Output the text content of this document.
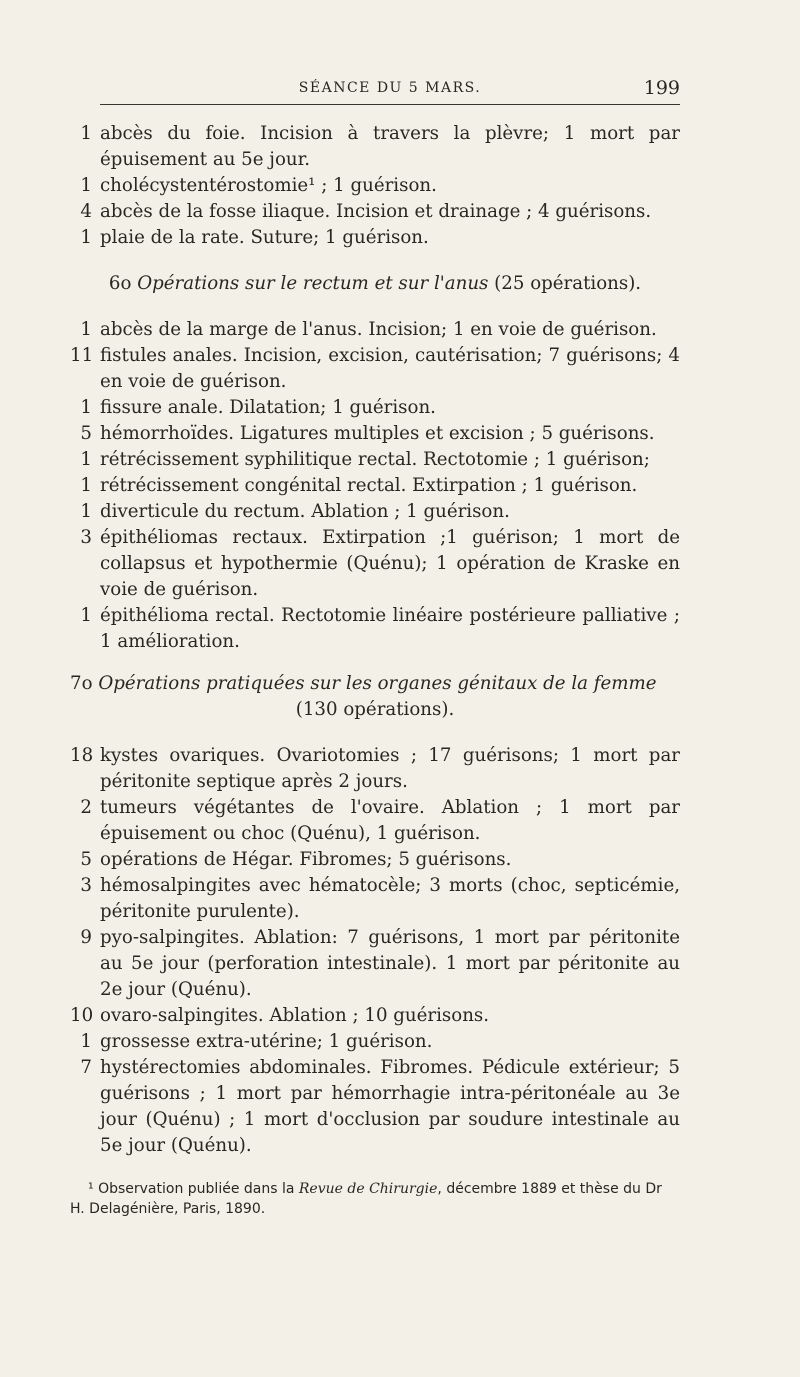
SÉANCE DU 5 MARS.	199
1 abcès du foie. Incision à travers la plèvre; 1 mort par épuisement au 5e jour.
1 cholécystentérostomie¹ ; 1 guérison.
4 abcès de la fosse iliaque. Incision et drainage ; 4 guérisons.
1 plaie de la rate. Suture; 1 guérison.
6o Opérations sur le rectum et sur l'anus (25 opérations).
1 abcès de la marge de l'anus. Incision; 1 en voie de guérison.
11 fistules anales. Incision, excision, cautérisation; 7 guérisons; 4 en voie de guérison.
1 fissure anale. Dilatation; 1 guérison.
5 hémorrhoïdes. Ligatures multiples et excision ; 5 guérisons.
1 rétrécissement syphilitique rectal. Rectotomie ; 1 guérison;
1 rétrécissement congénital rectal. Extirpation ; 1 guérison.
1 diverticule du rectum. Ablation ; 1 guérison.
3 épithéliomas rectaux. Extirpation ;1 guérison; 1 mort de collapsus et hypothermie (Quénu); 1 opération de Kraske en voie de guérison.
1 épithélioma rectal. Rectotomie linéaire postérieure palliative ; 1 amélioration.
7o Opérations pratiquées sur les organes génitaux de la femme
(130 opérations).
18 kystes ovariques. Ovariotomies ; 17 guérisons; 1 mort par péritonite septique après 2 jours.
2 tumeurs végétantes de l'ovaire. Ablation ; 1 mort par épuisement ou choc (Quénu), 1 guérison.
5 opérations de Hégar. Fibromes; 5 guérisons.
3 hémosalpingites avec hématocèle; 3 morts (choc, septicémie, péritonite purulente).
9 pyo-salpingites. Ablation: 7 guérisons, 1 mort par péritonite au 5e jour (perforation intestinale). 1 mort par péritonite au 2e jour (Quénu).
10 ovaro-salpingites. Ablation ; 10 guérisons.
1 grossesse extra-utérine; 1 guérison.
7 hystérectomies abdominales. Fibromes. Pédicule extérieur; 5 guérisons ; 1 mort par hémorrhagie intra-péritonéale au 3e jour (Quénu) ; 1 mort d'occlusion par soudure intestinale au 5e jour (Quénu).
¹ Observation publiée dans la Revue de Chirurgie, décembre 1889 et thèse du Dr H. Delagénière, Paris, 1890.
